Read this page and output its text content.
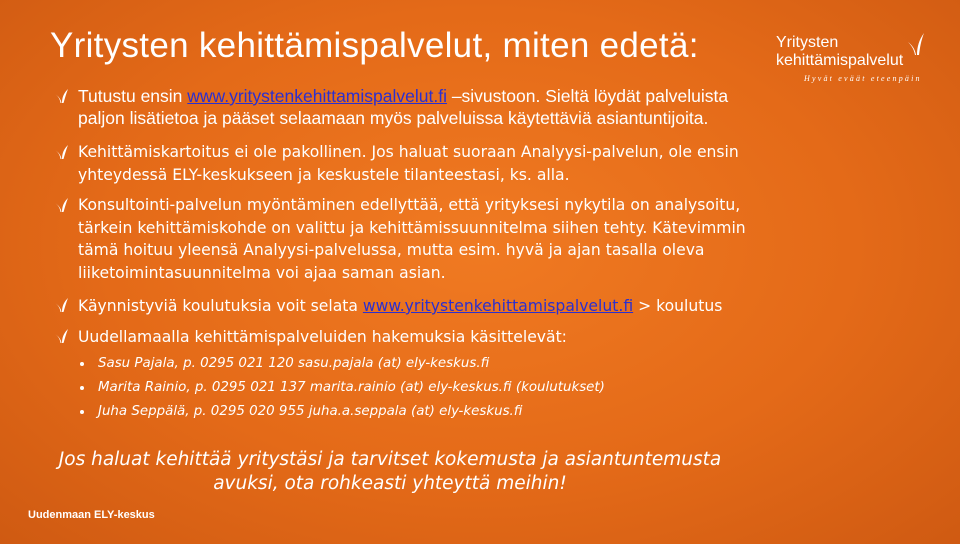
Yritysten kehittämispalvelut, miten edetä:	Yritysten
kehittämispalvelut
Hyvät eväät eteenpäin
Tutustu ensin www.yritystenkehittamispalvelut.fi –sivustoon. Sieltä löydät palveluista
paljon lisätietoa ja pääset selaamaan myös palveluissa käytettäviä asiantuntijoita.
Kehittämiskartoitus ei ole pakollinen. Jos haluat suoraan Analyysi-palvelun, ole ensin
yhteydessä ELY-keskukseen ja keskustele tilanteestasi, ks. alla.
Konsultointi-palvelun myöntäminen edellyttää, että yrityksesi nykytila on analysoitu,
tärkein kehittämiskohde on valittu ja kehittämissuunnitelma siihen tehty. Kätevimmin
tämä hoituu yleensä Analyysi-palvelussa, mutta esim. hyvä ja ajan tasalla oleva
liiketoimintasuunnitelma voi ajaa saman asian.
Käynnistyviä koulutuksia voit selata www.yritystenkehittamispalvelut.fi > koulutus
Uudellamaalla kehittämispalveluiden hakemuksia käsittelevät:
Sasu Pajala, p. 0295 021 120 sasu.pajala (at) ely-keskus.fi
Marita Rainio, p. 0295 021 137 marita.rainio (at) ely-keskus.fi (koulutukset)
Juha Seppälä, p. 0295 020 955 juha.a.seppala (at) ely-keskus.fi
Jos haluat kehittää yritystäsi ja tarvitset kokemusta ja asiantuntemusta
avuksi, ota rohkeasti yhteyttä meihin!
Uudenmaan ELY-keskus
